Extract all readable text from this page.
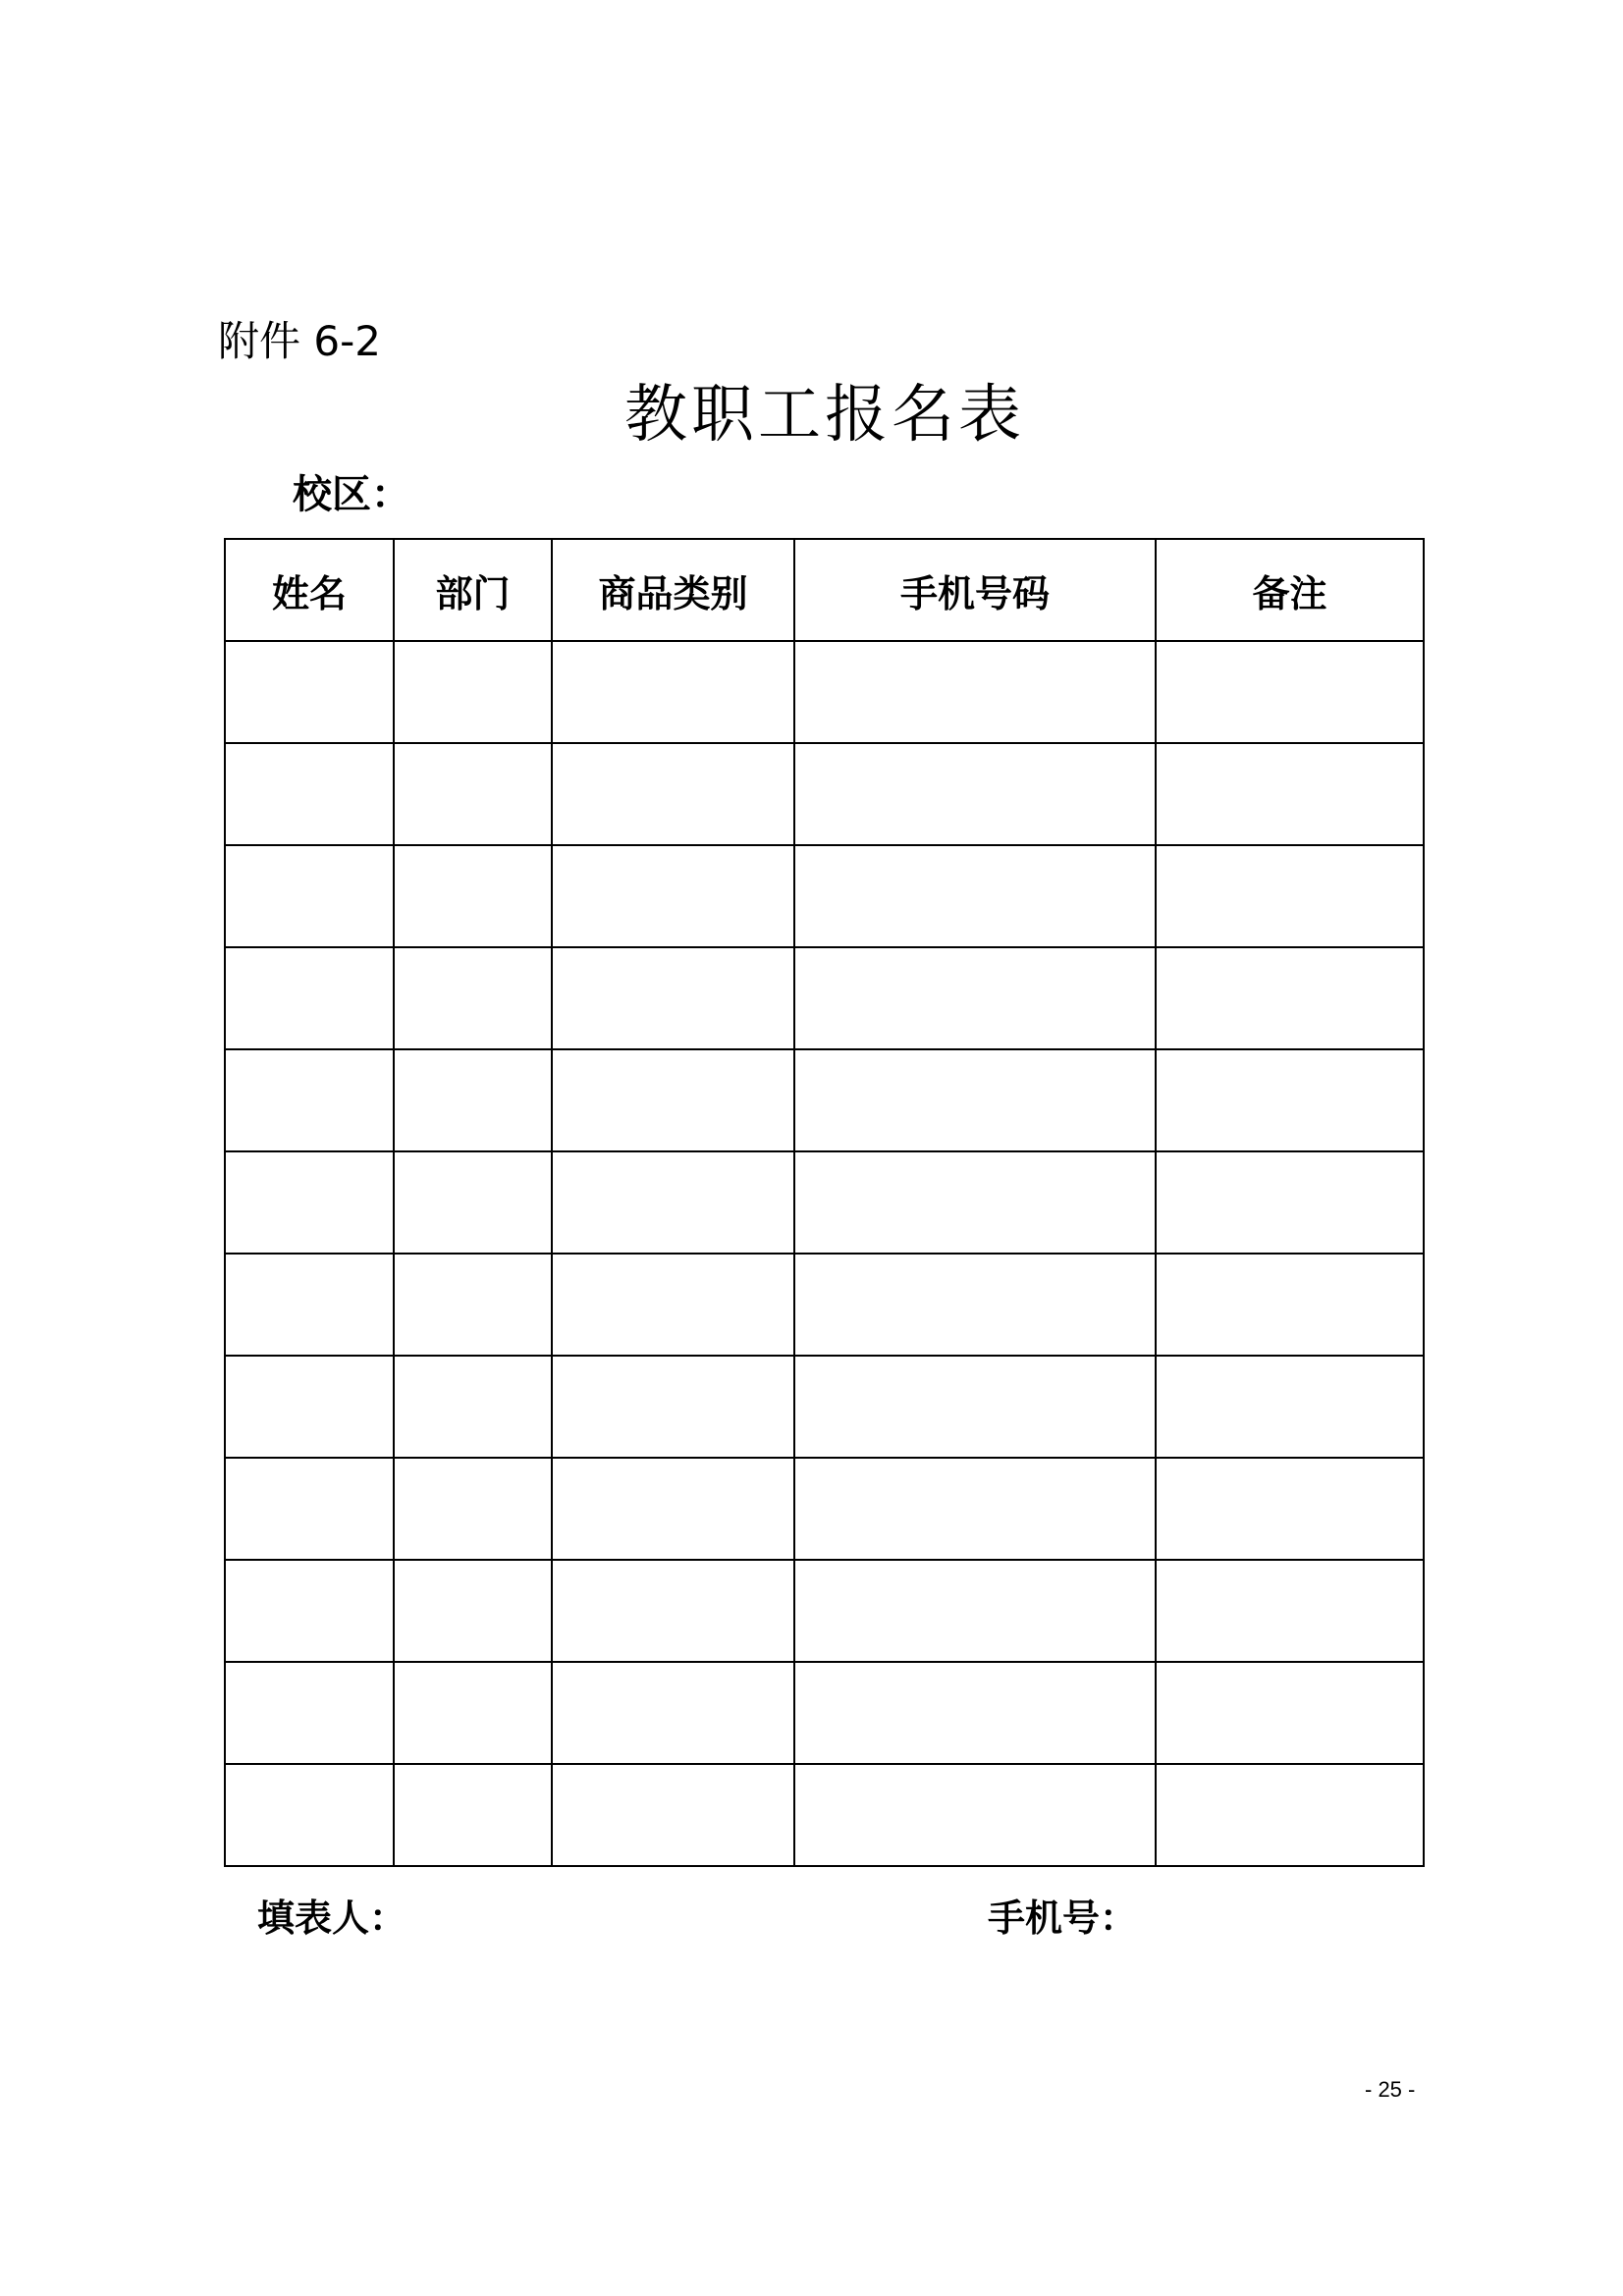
附件 6-2
教职工报名表
校区：
姓名	部门	商品类别	手机号码	备注

填表人：	手机号：
- 25 -
